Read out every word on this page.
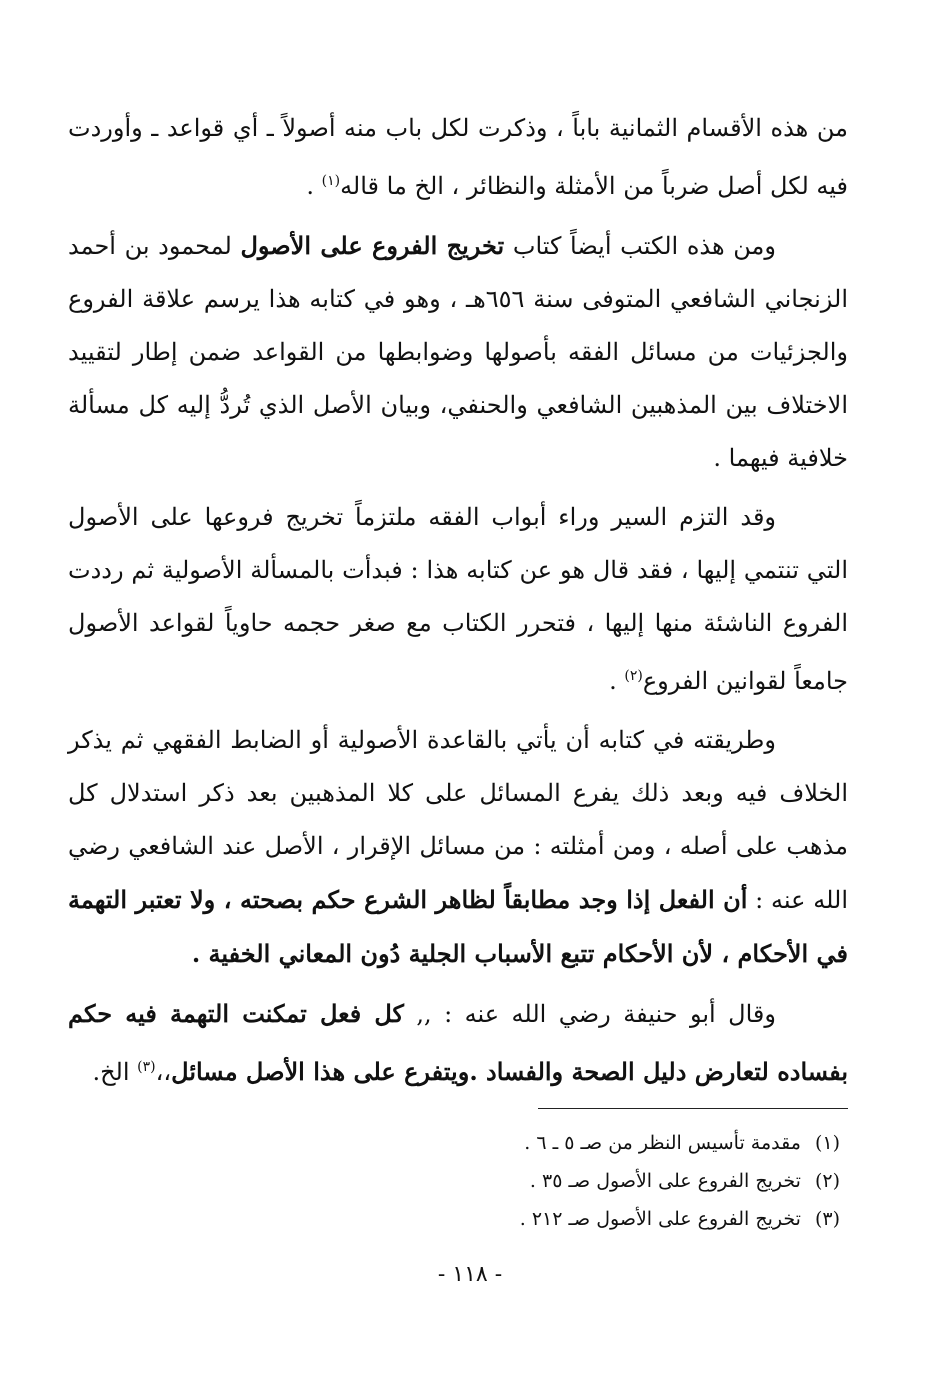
من هذه الأقسام الثمانية باباً ، وذكرت لكل باب منه أصولاً ـ أي قواعد ـ وأوردت فيه لكل أصل ضرباً من الأمثلة والنظائر ، الخ ما قاله$^{(١)}$ .

ومن هذه الكتب أيضاً كتاب تخريج الفروع على الأصول لمحمود بن أحمد الزنجاني الشافعي المتوفى سنة ٦٥٦هـ ، وهو في كتابه هذا يرسم علاقة الفروع والجزئيات من مسائل الفقه بأصولها وضوابطها من القواعد ضمن إطار لتقييد الاختلاف بين المذهبين الشافعي والحنفي، وبيان الأصل الذي تُردُّ إليه كل مسألة خلافية فيهما .

وقد التزم السير وراء أبواب الفقه ملتزماً تخريج فروعها على الأصول التي تنتمي إليها ، فقد قال هو عن كتابه هذا : فبدأت بالمسألة الأصولية ثم رددت الفروع الناشئة منها إليها ، فتحرر الكتاب مع صغر حجمه حاوياً لقواعد الأصول جامعاً لقوانين الفروع$^{(٢)}$ .

وطريقته في كتابه أن يأتي بالقاعدة الأصولية أو الضابط الفقهي ثم يذكر الخلاف فيه وبعد ذلك يفرع المسائل على كلا المذهبين بعد ذكر استدلال كل مذهب على أصله ، ومن أمثلته : من مسائل الإقرار ، الأصل عند الشافعي رضي الله عنه : أن الفعل إذا وجد مطابقاً لظاهر الشرع حكم بصحته ، ولا تعتبر التهمة في الأحكام ، لأن الأحكام تتبع الأسباب الجلية دُون المعاني الخفية .

وقال أبو حنيفة رضي الله عنه : ,, كل فعل تمكنت التهمة فيه حكم بفساده لتعارض دليل الصحة والفساد .ويتفرع على هذا الأصل مسائل،،$^{(٣)}$ الخ.

(١)
مقدمة تأسيس النظر من صـ ٥ ـ ٦ .
(٢)
تخريج الفروع على الأصول صـ ٣٥ .
(٣)
تخريج الفروع على الأصول صـ ٢١٢ .
- ١١٨ -
